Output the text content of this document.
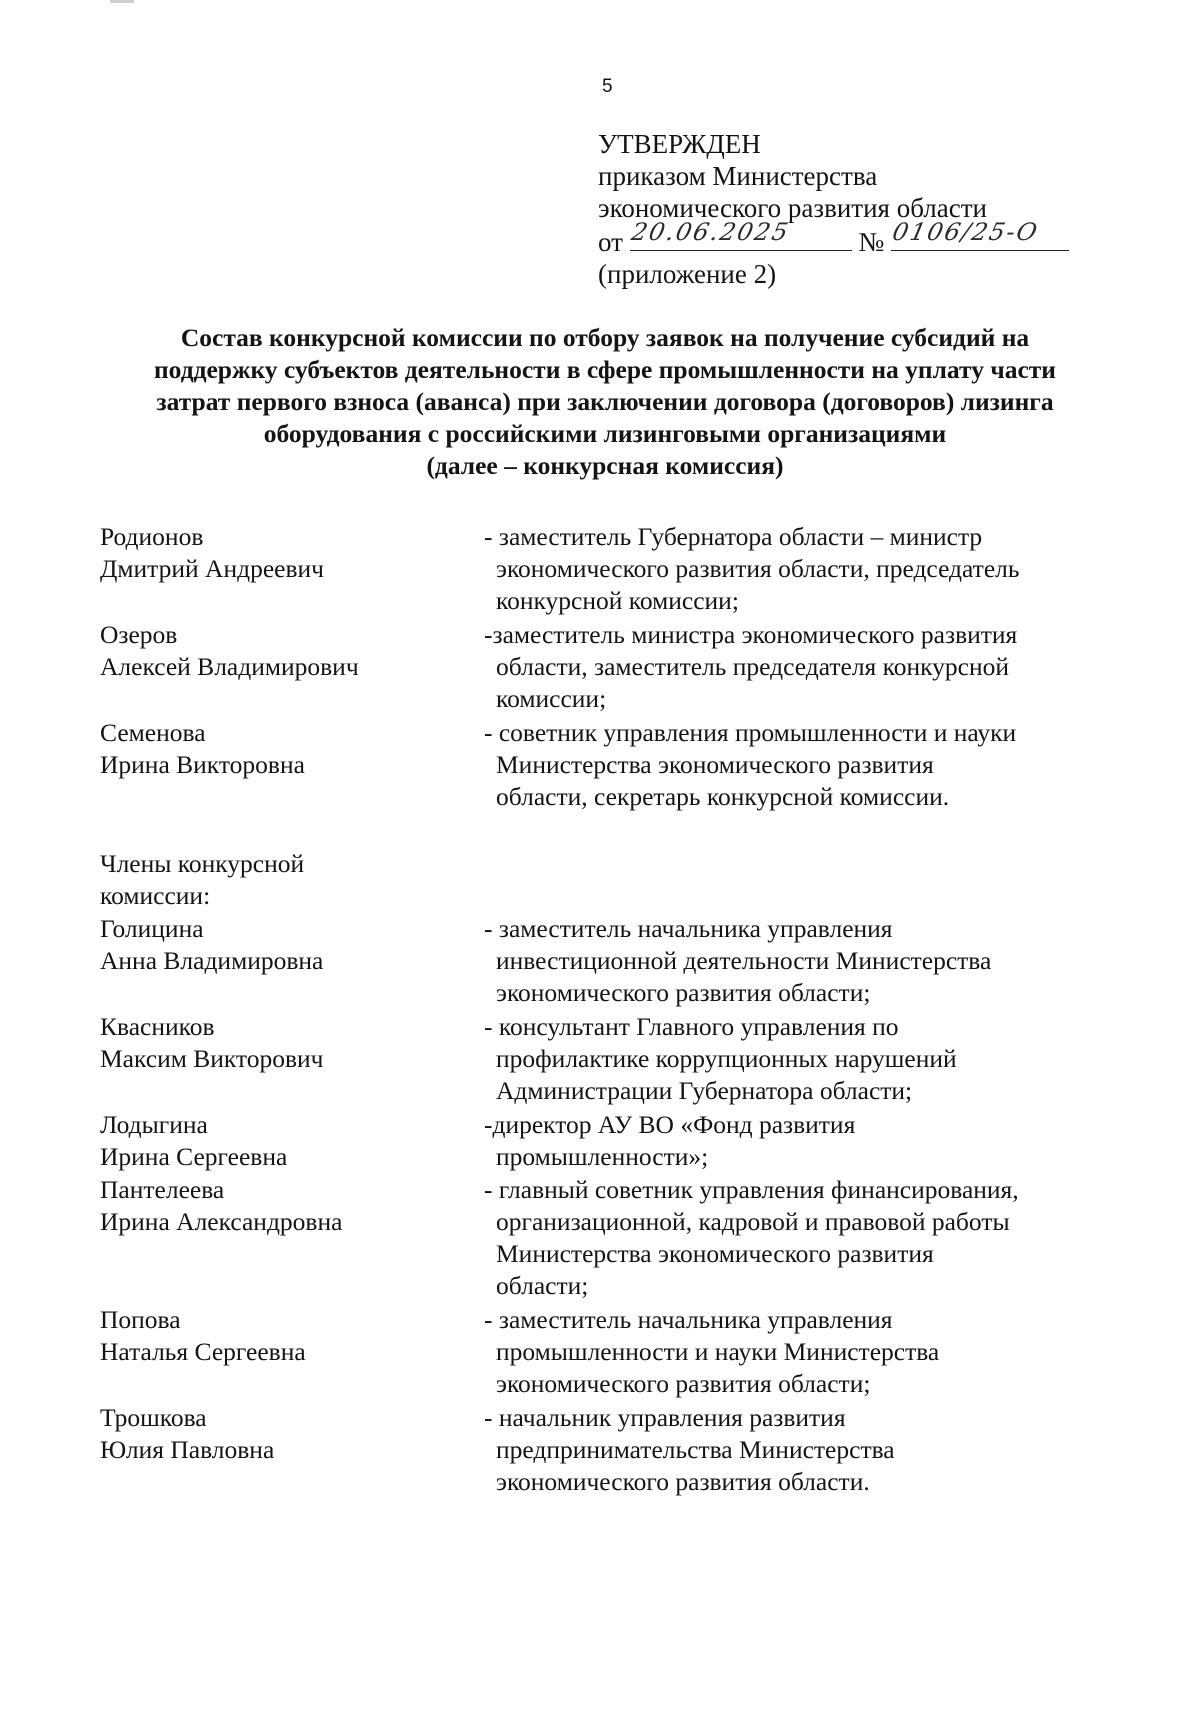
5
УТВЕРЖДЕН
приказом Министерства
экономического развития области
от 20.06.2025 № 0106/25-О
(приложение 2)
Состав конкурсной комиссии по отбору заявок на получение субсидий на
поддержку субъектов деятельности в сфере промышленности на уплату части
затрат первого взноса (аванса) при заключении договора (договоров) лизинга
оборудования с российскими лизинговыми организациями
(далее – конкурсная комиссия)
Родионов
Дмитрий Андреевич
- заместитель Губернатора области – министр
экономического развития области, председатель
конкурсной комиссии;
Озеров
Алексей Владимирович
-заместитель министра экономического развития
области, заместитель председателя конкурсной
комиссии;
Семенова
Ирина Викторовна
- советник управления промышленности и науки
Министерства экономического развития
области, секретарь конкурсной комиссии.
Члены конкурсной
комиссии:
Голицина
Анна Владимировна
- заместитель начальника управления
инвестиционной деятельности Министерства
экономического развития области;
Квасников
Максим Викторович
- консультант Главного управления по
профилактике коррупционных нарушений
Администрации Губернатора области;
Лодыгина
Ирина Сергеевна
-директор АУ ВО «Фонд развития
промышленности»;
Пантелеева
Ирина Александровна
- главный советник управления финансирования,
организационной, кадровой и правовой работы
Министерства экономического развития
области;
Попова
Наталья Сергеевна
- заместитель начальника управления
промышленности и науки Министерства
экономического развития области;
Трошкова
Юлия Павловна
- начальник управления развития
предпринимательства Министерства
экономического развития области.
